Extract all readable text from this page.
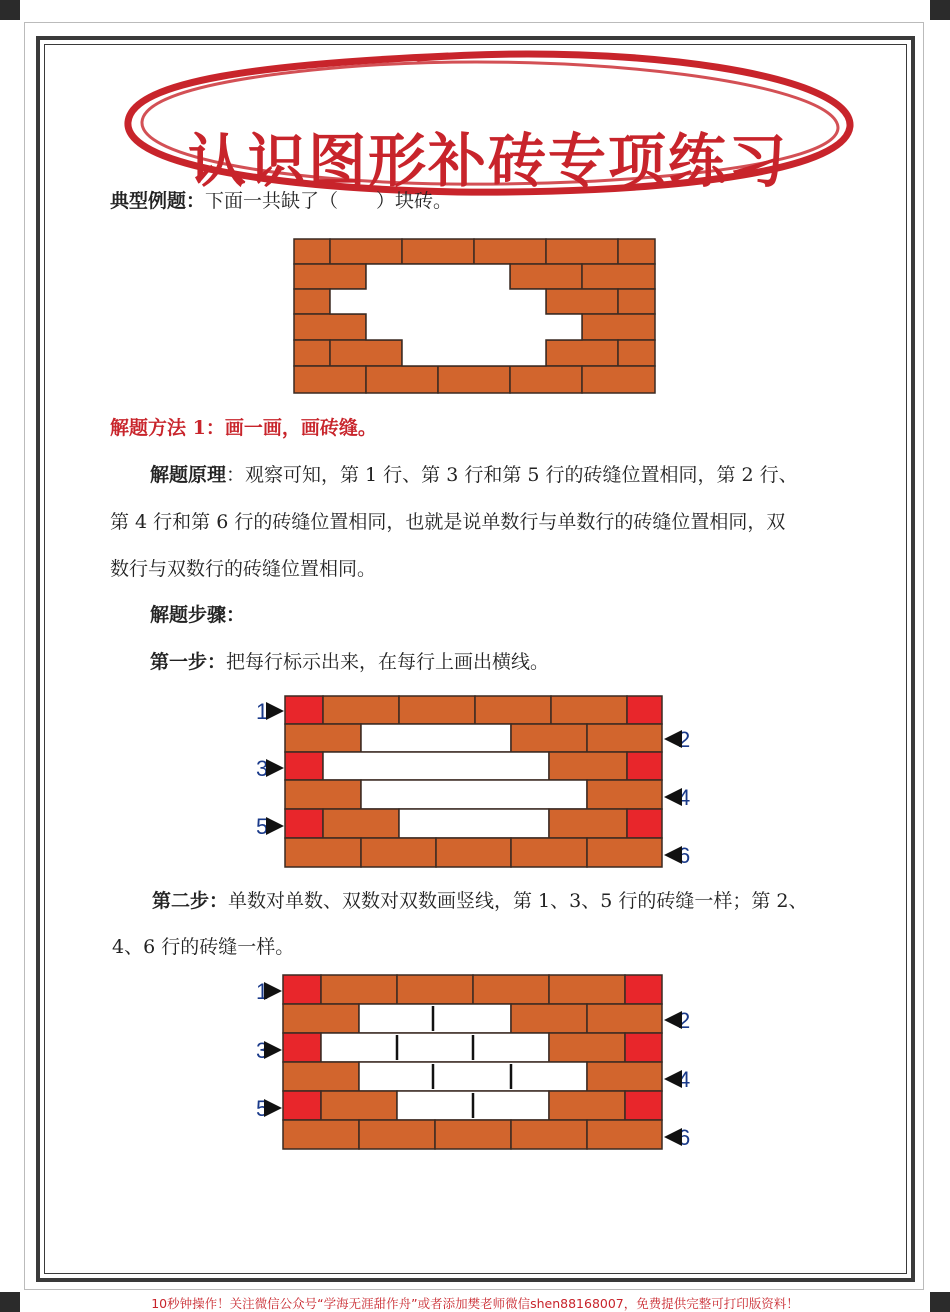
认识图形补砖专项练习
典型例题：下面一共缺了（　　）块砖。
解题方法 1：画一画，画砖缝。
解题原理：观察可知，第 1 行、第 3 行和第 5 行的砖缝位置相同，第 2 行、
第 4 行和第 6 行的砖缝位置相同，也就是说单数行与单数行的砖缝位置相同，双
数行与双数行的砖缝位置相同。
解题步骤：
第一步：把每行标示出来，在每行上画出横线。
1
2
3
4
5
6
第二步：单数对单数、双数对双数画竖线，第 1、3、5 行的砖缝一样；第 2、
4、6 行的砖缝一样。
1
2
3
4
5
6
10秒钟操作！关注微信公众号“学海无涯甜作舟”或者添加樊老师微信shen88168007，免费提供完整可打印版资料！
